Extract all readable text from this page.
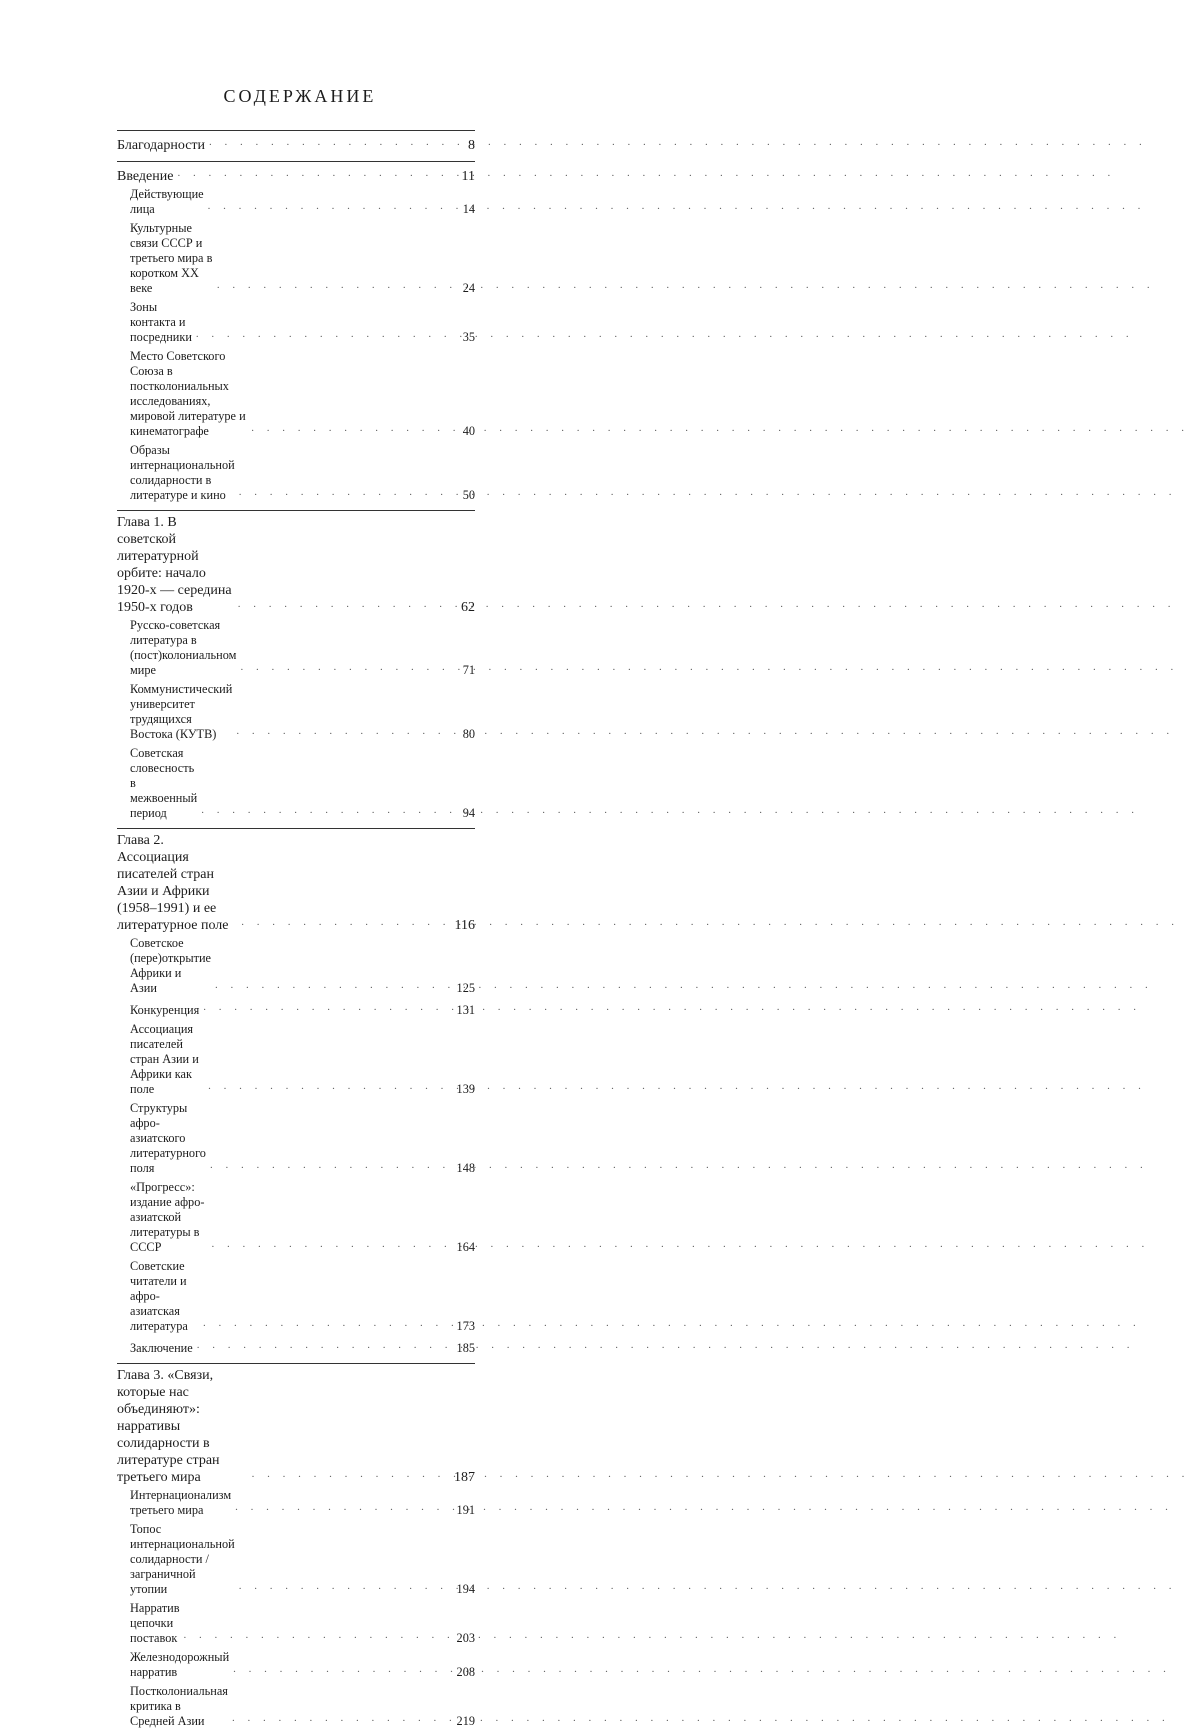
СОДЕРЖАНИЕ
Благодарности . . .	8
Введение . . .	11
Действующие лица . . .	14
Культурные связи СССР и третьего мира в коротком XX веке . . .	24
Зоны контакта и посредники . . .	35
Место Советского Союза в постколониальных исследованиях, мировой литературе и кинематографе . . .	40
Образы интернациональной солидарности в литературе и кино . . .	50
Глава 1. В советской литературной орбите: начало 1920-х — середина 1950-х годов . . .	62
Русско-советская литература в (пост)колониальном мире . . .	71
Коммунистический университет трудящихся Востока (КУТВ) . . .	80
Советская словесность в межвоенный период . . .	94
Глава 2. Ассоциация писателей стран Азии и Африки (1958–1991) и ее литературное поле . . .	116
Советское (пере)открытие Африки и Азии . . .	125
Конкуренция . . .	131
Ассоциация писателей стран Азии и Африки как поле . . .	139
Структуры афро-азиатского литературного поля . . .	148
«Прогресс»: издание афро-азиатской литературы в СССР . . .	164
Советские читатели и афро-азиатская литература . . .	173
Заключение . . .	185
Глава 3. «Связи, которые нас объединяют»: нарративы солидарности в литературе стран третьего мира . . .	187
Интернационализм третьего мира . . .	191
Топос интернациональной солидарности / заграничной утопии . . .	194
Нарратив цепочки поставок . . .	203
Железнодорожный нарратив . . .	208
Постколониальная критика в Средней Азии . . .	219
